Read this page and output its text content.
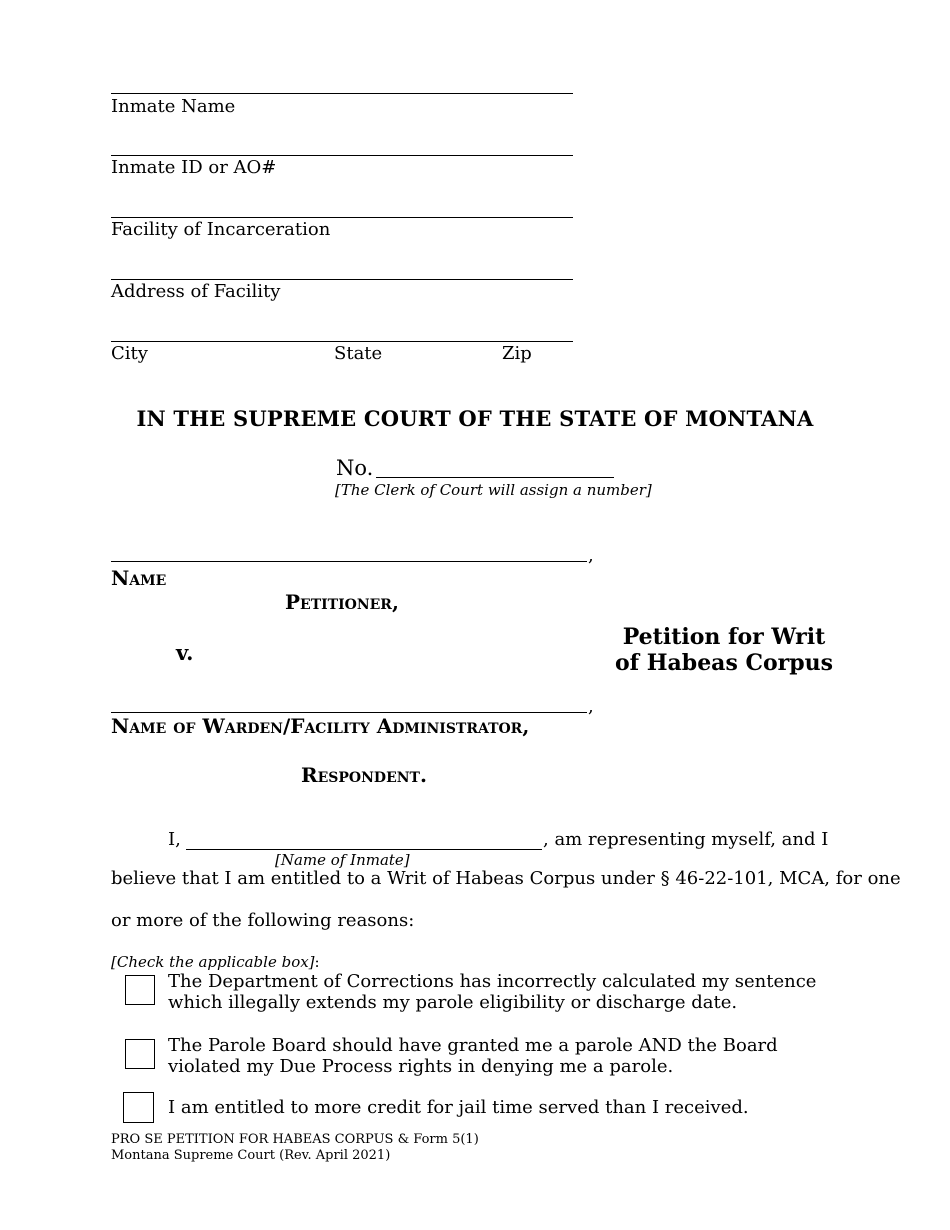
Inmate Name
Inmate ID or AO#
Facility of Incarceration
Address of Facility
City	State	Zip
IN THE SUPREME COURT OF THE STATE OF MONTANA
No.
[The Clerk of Court will assign a number]
,
Name
Petitioner,
v.
,
Name of Warden/Facility Administrator,
Respondent.
Petition for Writ of Habeas Corpus
I,	, am representing myself, and I
[Name of Inmate]
believe that I am entitled to a Writ of Habeas Corpus under § 46-22-101, MCA, for one
or more of the following reasons:
[Check the applicable box]:
The Department of Corrections has incorrectly calculated my sentence which illegally extends my parole eligibility or discharge date.
The Parole Board should have granted me a parole AND the Board violated my Due Process rights in denying me a parole.
I am entitled to more credit for jail time served than I received.
PRO SE PETITION FOR HABEAS CORPUS & Form 5(1)
Montana Supreme Court (Rev. April 2021)
